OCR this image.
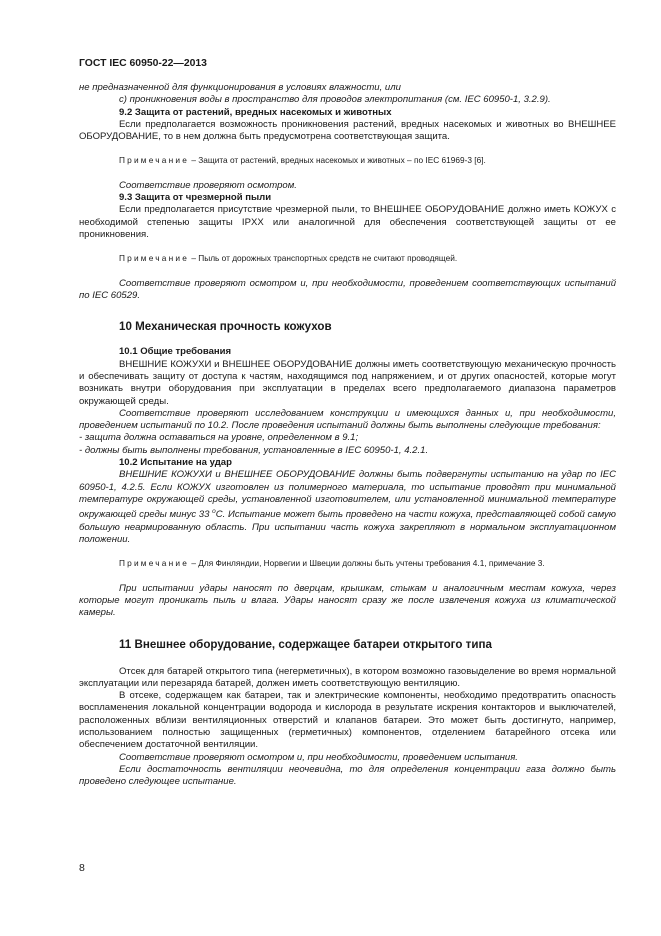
ГОСТ IEC 60950-22—2013

не предназначенной для функционирования в условиях влажности, или

с) проникновения воды в пространство для проводов электропитания (см. IEC 60950-1, 3.2.9).

9.2 Защита от растений, вредных насекомых и животных

Если предполагается возможность проникновения растений, вредных насекомых и животных во ВНЕШНЕЕ ОБОРУДОВАНИЕ, то в нем должна быть предусмотрена соответствующая защита.

Примечание – Защита от растений, вредных насекомых и животных – по IEC 61969-3 [6].

Соответствие проверяют осмотром.

9.3 Защита от чрезмерной пыли

Если предполагается присутствие чрезмерной пыли, то ВНЕШНЕЕ ОБОРУДОВАНИЕ должно иметь КОЖУХ с необходимой степенью защиты IPXX или аналогичной для обеспечения соответствующей защиты от ее проникновения.

Примечание – Пыль от дорожных транспортных средств не считают проводящей.

Соответствие проверяют осмотром и, при необходимости, проведением соответствующих испытаний по IEC 60529.

10 Механическая прочность кожухов

10.1 Общие требования

ВНЕШНИЕ КОЖУХИ и ВНЕШНЕЕ ОБОРУДОВАНИЕ должны иметь соответствующую механическую прочность и обеспечивать защиту от доступа к частям, находящимся под напряжением, и от других опасностей, которые могут возникать внутри оборудования при эксплуатации в пределах всего предполагаемого диапазона параметров окружающей среды.

Соответствие проверяют исследованием конструкции и имеющихся данных и, при необходимости, проведением испытаний по 10.2. После проведения испытаний должны быть выполнены следующие требования:

- защита должна оставаться на уровне, определенном в 9.1;

- должны быть выполнены требования, установленные в IEC 60950-1, 4.2.1.

10.2 Испытание на удар

ВНЕШНИЕ КОЖУХИ и ВНЕШНЕЕ ОБОРУДОВАНИЕ должны быть подвергнуты испытанию на удар по IEC 60950-1, 4.2.5. Если КОЖУХ изготовлен из полимерного материала, то испытание проводят при минимальной температуре окружающей среды, установленной изготовителем, или установленной минимальной температуре окружающей среды минус 33 $^о$С. Испытание может быть проведено на части кожуха, представляющей собой самую большую неармированную область. При испытании часть кожуха закрепляют в нормальном эксплуатационном положении.

Примечание – Для Финляндии, Норвегии и Швеции должны быть учтены требования 4.1, примечание 3.

При испытании удары наносят по дверцам, крышкам, стыкам и аналогичным местам кожуха, через которые могут проникать пыль и влага. Удары наносят сразу же после извлечения кожуха из климатической камеры.

11 Внешнее оборудование, содержащее батареи открытого типа

Отсек для батарей открытого типа (негерметичных), в котором возможно газовыделение во время нормальной эксплуатации или перезаряда батарей, должен иметь соответствующую вентиляцию.

В отсеке, содержащем как батареи, так и электрические компоненты, необходимо предотвратить опасность воспламенения локальной концентрации водорода и кислорода в результате искрения контакторов и выключателей, расположенных вблизи вентиляционных отверстий и клапанов батареи. Это может быть достигнуто, например, использованием полностью защищенных (герметичных) компонентов, отделением батарейного отсека или обеспечением достаточной вентиляции.

Соответствие проверяют осмотром и, при необходимости, проведением испытания.

Если достаточность вентиляции неочевидна, то для определения концентрации газа должно быть проведено следующее испытание.

8
